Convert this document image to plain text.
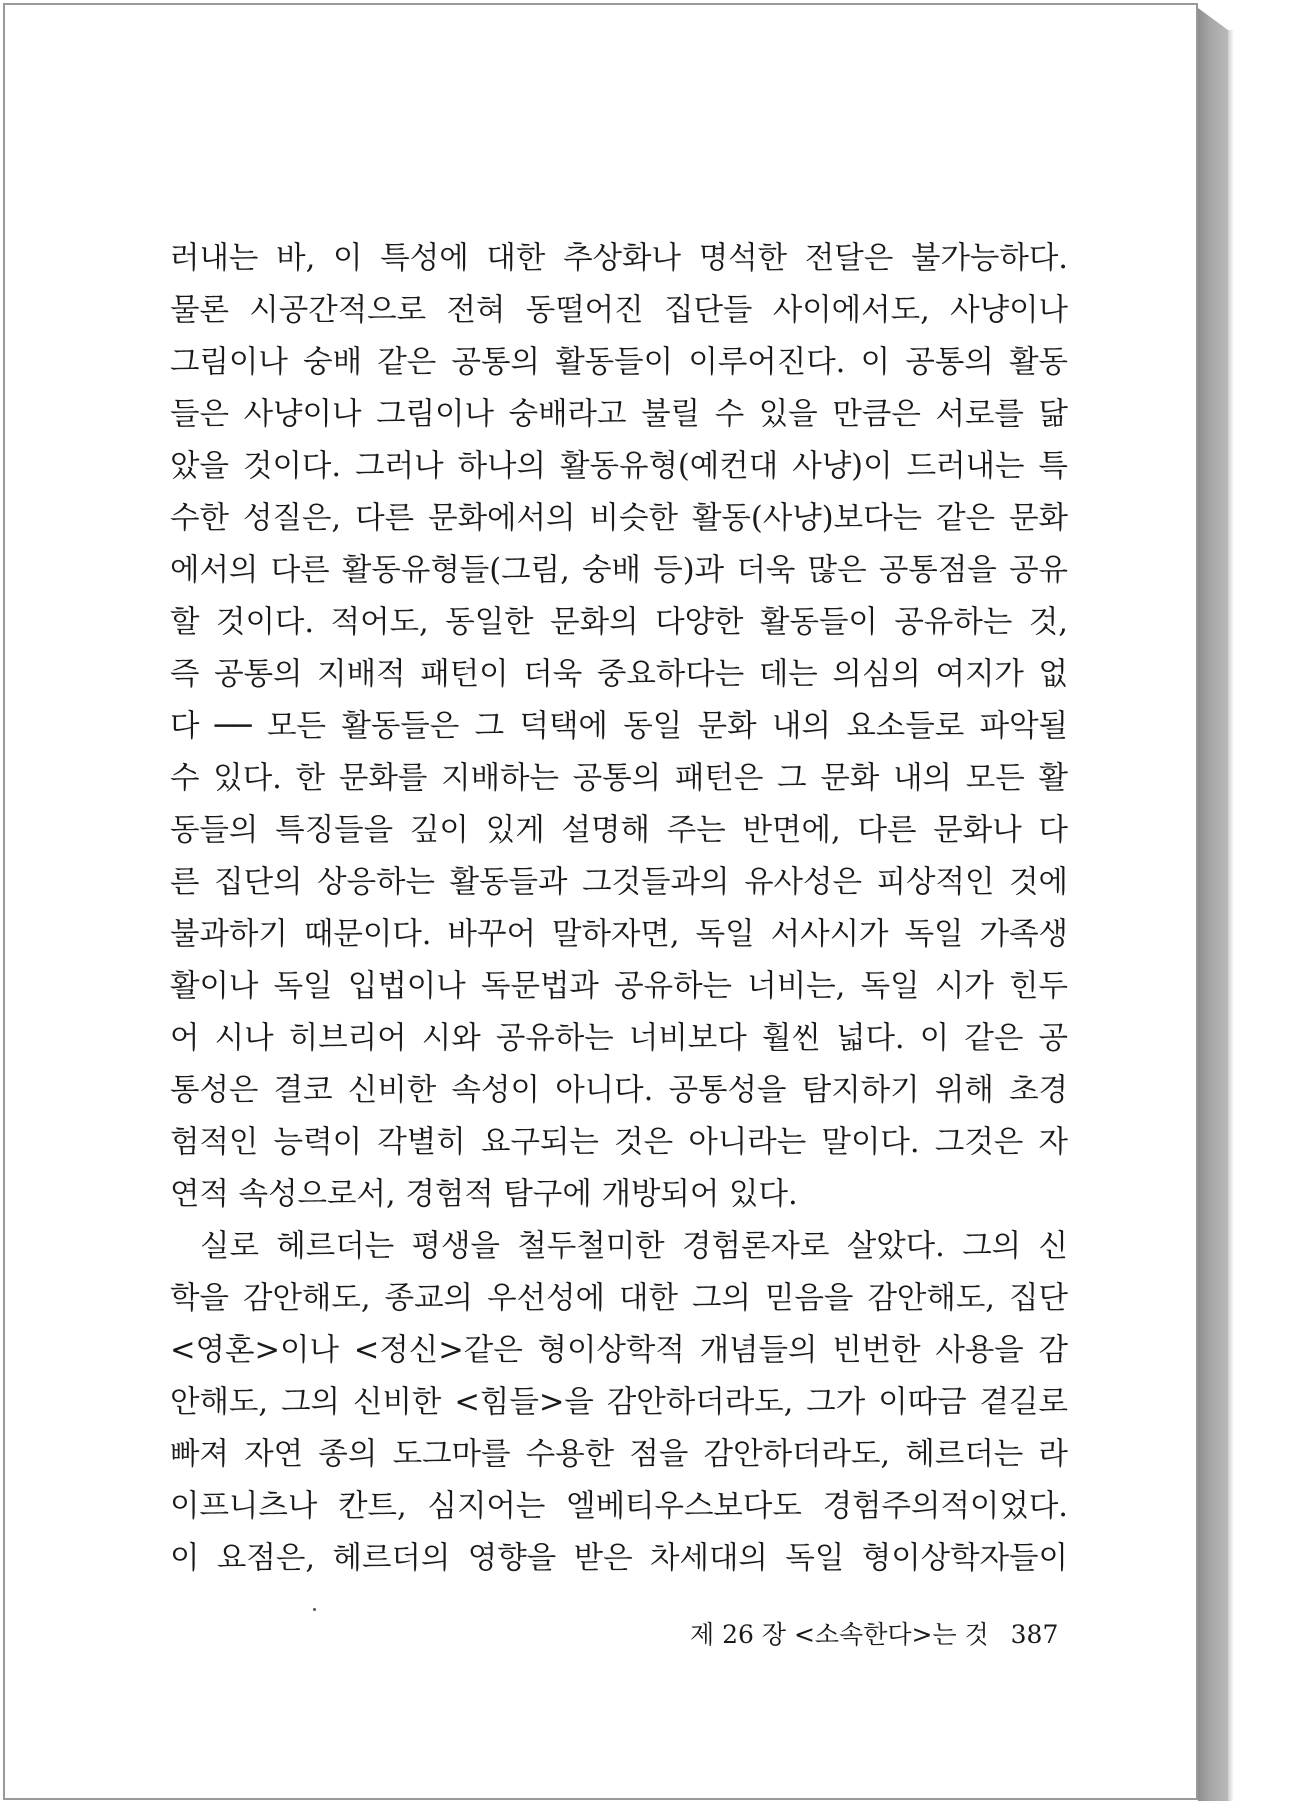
러내는 바, 이 특성에 대한 추상화나 명석한 전달은 불가능하다.
물론 시공간적으로 전혀 동떨어진 집단들 사이에서도, 사냥이나
그림이나 숭배 같은 공통의 활동들이 이루어진다. 이 공통의 활동
들은 사냥이나 그림이나 숭배라고 불릴 수 있을 만큼은 서로를 닮
았을 것이다. 그러나 하나의 활동유형(예컨대 사냥)이 드러내는 특
수한 성질은, 다른 문화에서의 비슷한 활동(사냥)보다는 같은 문화
에서의 다른 활동유형들(그림, 숭배 등)과 더욱 많은 공통점을 공유
할 것이다. 적어도, 동일한 문화의 다양한 활동들이 공유하는 것,
즉 공통의 지배적 패턴이 더욱 중요하다는 데는 의심의 여지가 없
다 ── 모든 활동들은 그 덕택에 동일 문화 내의 요소들로 파악될
수 있다. 한 문화를 지배하는 공통의 패턴은 그 문화 내의 모든 활
동들의 특징들을 깊이 있게 설명해 주는 반면에, 다른 문화나 다
른 집단의 상응하는 활동들과 그것들과의 유사성은 피상적인 것에
불과하기 때문이다. 바꾸어 말하자면, 독일 서사시가 독일 가족생
활이나 독일 입법이나 독문법과 공유하는 너비는, 독일 시가 힌두
어 시나 히브리어 시와 공유하는 너비보다 훨씬 넓다. 이 같은 공
통성은 결코 신비한 속성이 아니다. 공통성을 탐지하기 위해 초경
험적인 능력이 각별히 요구되는 것은 아니라는 말이다. 그것은 자
연적 속성으로서, 경험적 탐구에 개방되어 있다.
실로 헤르더는 평생을 철두철미한 경험론자로 살았다. 그의 신
학을 감안해도, 종교의 우선성에 대한 그의 믿음을 감안해도, 집단
<영혼>이나 <정신>같은 형이상학적 개념들의 빈번한 사용을 감
안해도, 그의 신비한 <힘들>을 감안하더라도, 그가 이따금 곁길로
빠져 자연 종의 도그마를 수용한 점을 감안하더라도, 헤르더는 라
이프니츠나 칸트, 심지어는 엘베티우스보다도 경험주의적이었다.
이 요점은, 헤르더의 영향을 받은 차세대의 독일 형이상학자들이
제 26 장 <소속한다>는 것 387
